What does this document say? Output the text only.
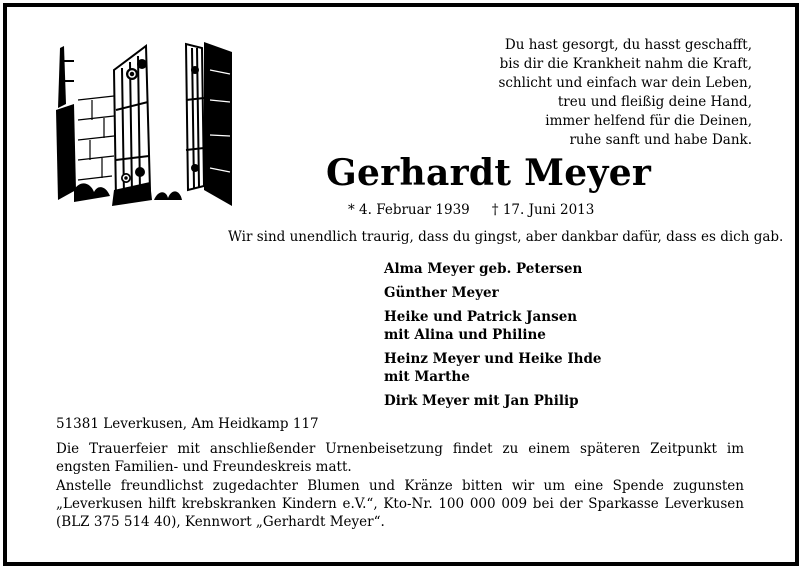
Du hast gesorgt, du hasst geschafft,
bis dir die Krankheit nahm die Kraft,
schlicht und einfach war dein Leben,
treu und fleißig deine Hand,
immer helfend für die Deinen,
ruhe sanft und habe Dank.
Gerhardt Meyer
* 4. Februar 1939 † 17. Juni 2013
Wir sind unendlich traurig, dass du gingst, aber dankbar dafür, dass es dich gab.
Alma Meyer geb. Petersen
Günther Meyer
Heike und Patrick Jansen
mit Alina und Philine
Heinz Meyer und Heike Ihde
mit Marthe
Dirk Meyer mit Jan Philip
51381 Leverkusen, Am Heidkamp 117
Die Trauerfeier mit anschließender Urnenbeisetzung findet zu einem späteren Zeitpunkt im engsten Familien- und Freundeskreis matt.
Anstelle freundlichst zugedachter Blumen und Kränze bitten wir um eine Spende zugunsten „Leverkusen hilft krebskranken Kindern e.V.“, Kto-Nr. 100 000 009 bei der Sparkasse Leverkusen (BLZ 375 514 40), Kennwort „Gerhardt Meyer“.
